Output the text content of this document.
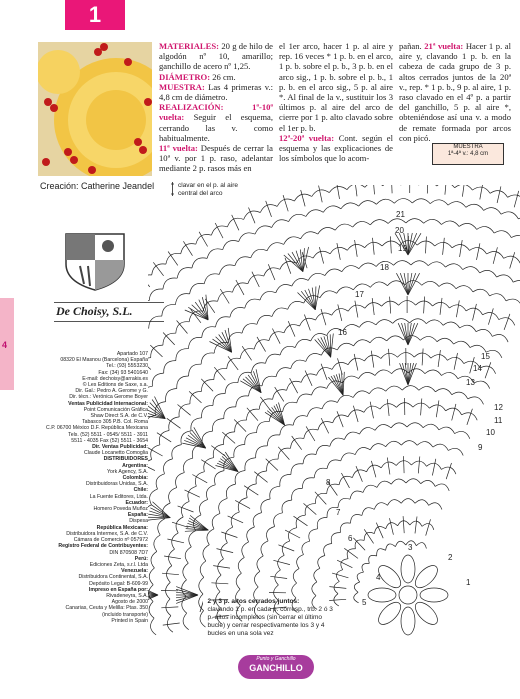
4
1
Creación: Catherine Jeandel
De Choisy, S.L.
Apartado 107
08320 El Masnou (Barcelona) España
Tel.: (93) 5553230
Fax: (34) 93 5401640
E-mail: dechoisy@arrakis.es
© Les Editions de Saxe, s.a.
Dir. Gal.: Pedro A. Gerome y G.
Dir. técn.: Verónica Gerome Boyer
Ventas Publicidad Internacional:
Point Comunicación Gráfica
Shaw Direct S.A. de C.V.
Tabasco 305 P.B. Col. Roma
C.P. 06700 México D.F. República Mexicana
Tels. (52) 5511 - 0545/ 5511 - 3911
5511 - 4035 Fax (52) 5511 - 3654
Dir. Ventas Publicidad:
Claude Locanetto Comoglia
DISTRIBUIDORES
Argentina:
York Agency, S.A.
Colombia:
Distribuidoras Unidas, S.A.
Chile:
La Fuente Editores, Ltda.
Ecuador:
Homero Poveda Muñoz
España:
Dispesa
República Mexicana:
Distribuidora Intermex, S.A. de C.V.
Cámara de Comercio nº 057972
Registro Federal de Contribuyentes:
DIN 870508 7D7
Perú:
Ediciones Zeta, s.r.l. Ltda
Venezuela:
Distribuidora Continental, S.A.
Depósito Legal: B-609-99
Impreso en España por:
Rivadeneyra, S.A.
Agosto de 2000
Canarias, Ceuta y Melilla: Ptas. 350
(incluido transporte)
Printed in Spain
MATERIALES: 20 g de hilo de algodón nº 10, amarillo; ganchillo de acero nº 1,25.
DIÁMETRO: 26 cm.
MUESTRA: Las 4 primeras v.: 4,8 cm de diámetro.
REALIZACIÓN: 1ª-10ª vuelta: Seguir el esquema, cerrando las v. como habitualmente.
11ª vuelta: Después de cerrar la 10ª v. por 1 p. raso, adelantar mediante 2 p. rasos más en
el 1er arco, hacer 1 p. al aire y rep. 16 veces * 1 p. b. en el arco, 1 p. b. sobre el p. b., 3 p. b. en el arco sig., 1 p. b. sobre el p. b., 1 p. b. en el arco sig., 5 p. al aire *. Al final de la v., sustituir los 3 últimos p. al aire del arco de cierre por 1 p. alto clavado sobre el 1er p. b.
12ª-20ª vuelta: Cont. según el esquema y las explicaciones de los símbolos que lo acom-
pañan. 21ª vuelta: Hacer 1 p. al aire y, clavando 1 p. b. en la cabeza de cada grupo de 3 p. altos cerrados juntos de la 20ª v., rep. * 1 p. b., 9 p. al aire, 1 p. raso clavado en el 4º p. a partir del ganchillo, 5 p. al aire *, obteniéndose así una v. a modo de remate formada por arcos con picó.
MUESTRA
1ª-4ª v.: 4,8 cm
clavar en el p. al aire
central del arco
1
2
3
4
5
6
7
8
9
10
11
12
13
14
15
16
17
18
19
20
21
2 y 3 p. altos cerrados juntos:
clavando 1 p. en cada p. corresp., trb. 2 ó 3 p. altos incompletos (sin cerrar el último bucle) y cerrar respectivamente los 3 y 4 bucles en una sola vez
Punto y Ganchillo
GANCHILLO
